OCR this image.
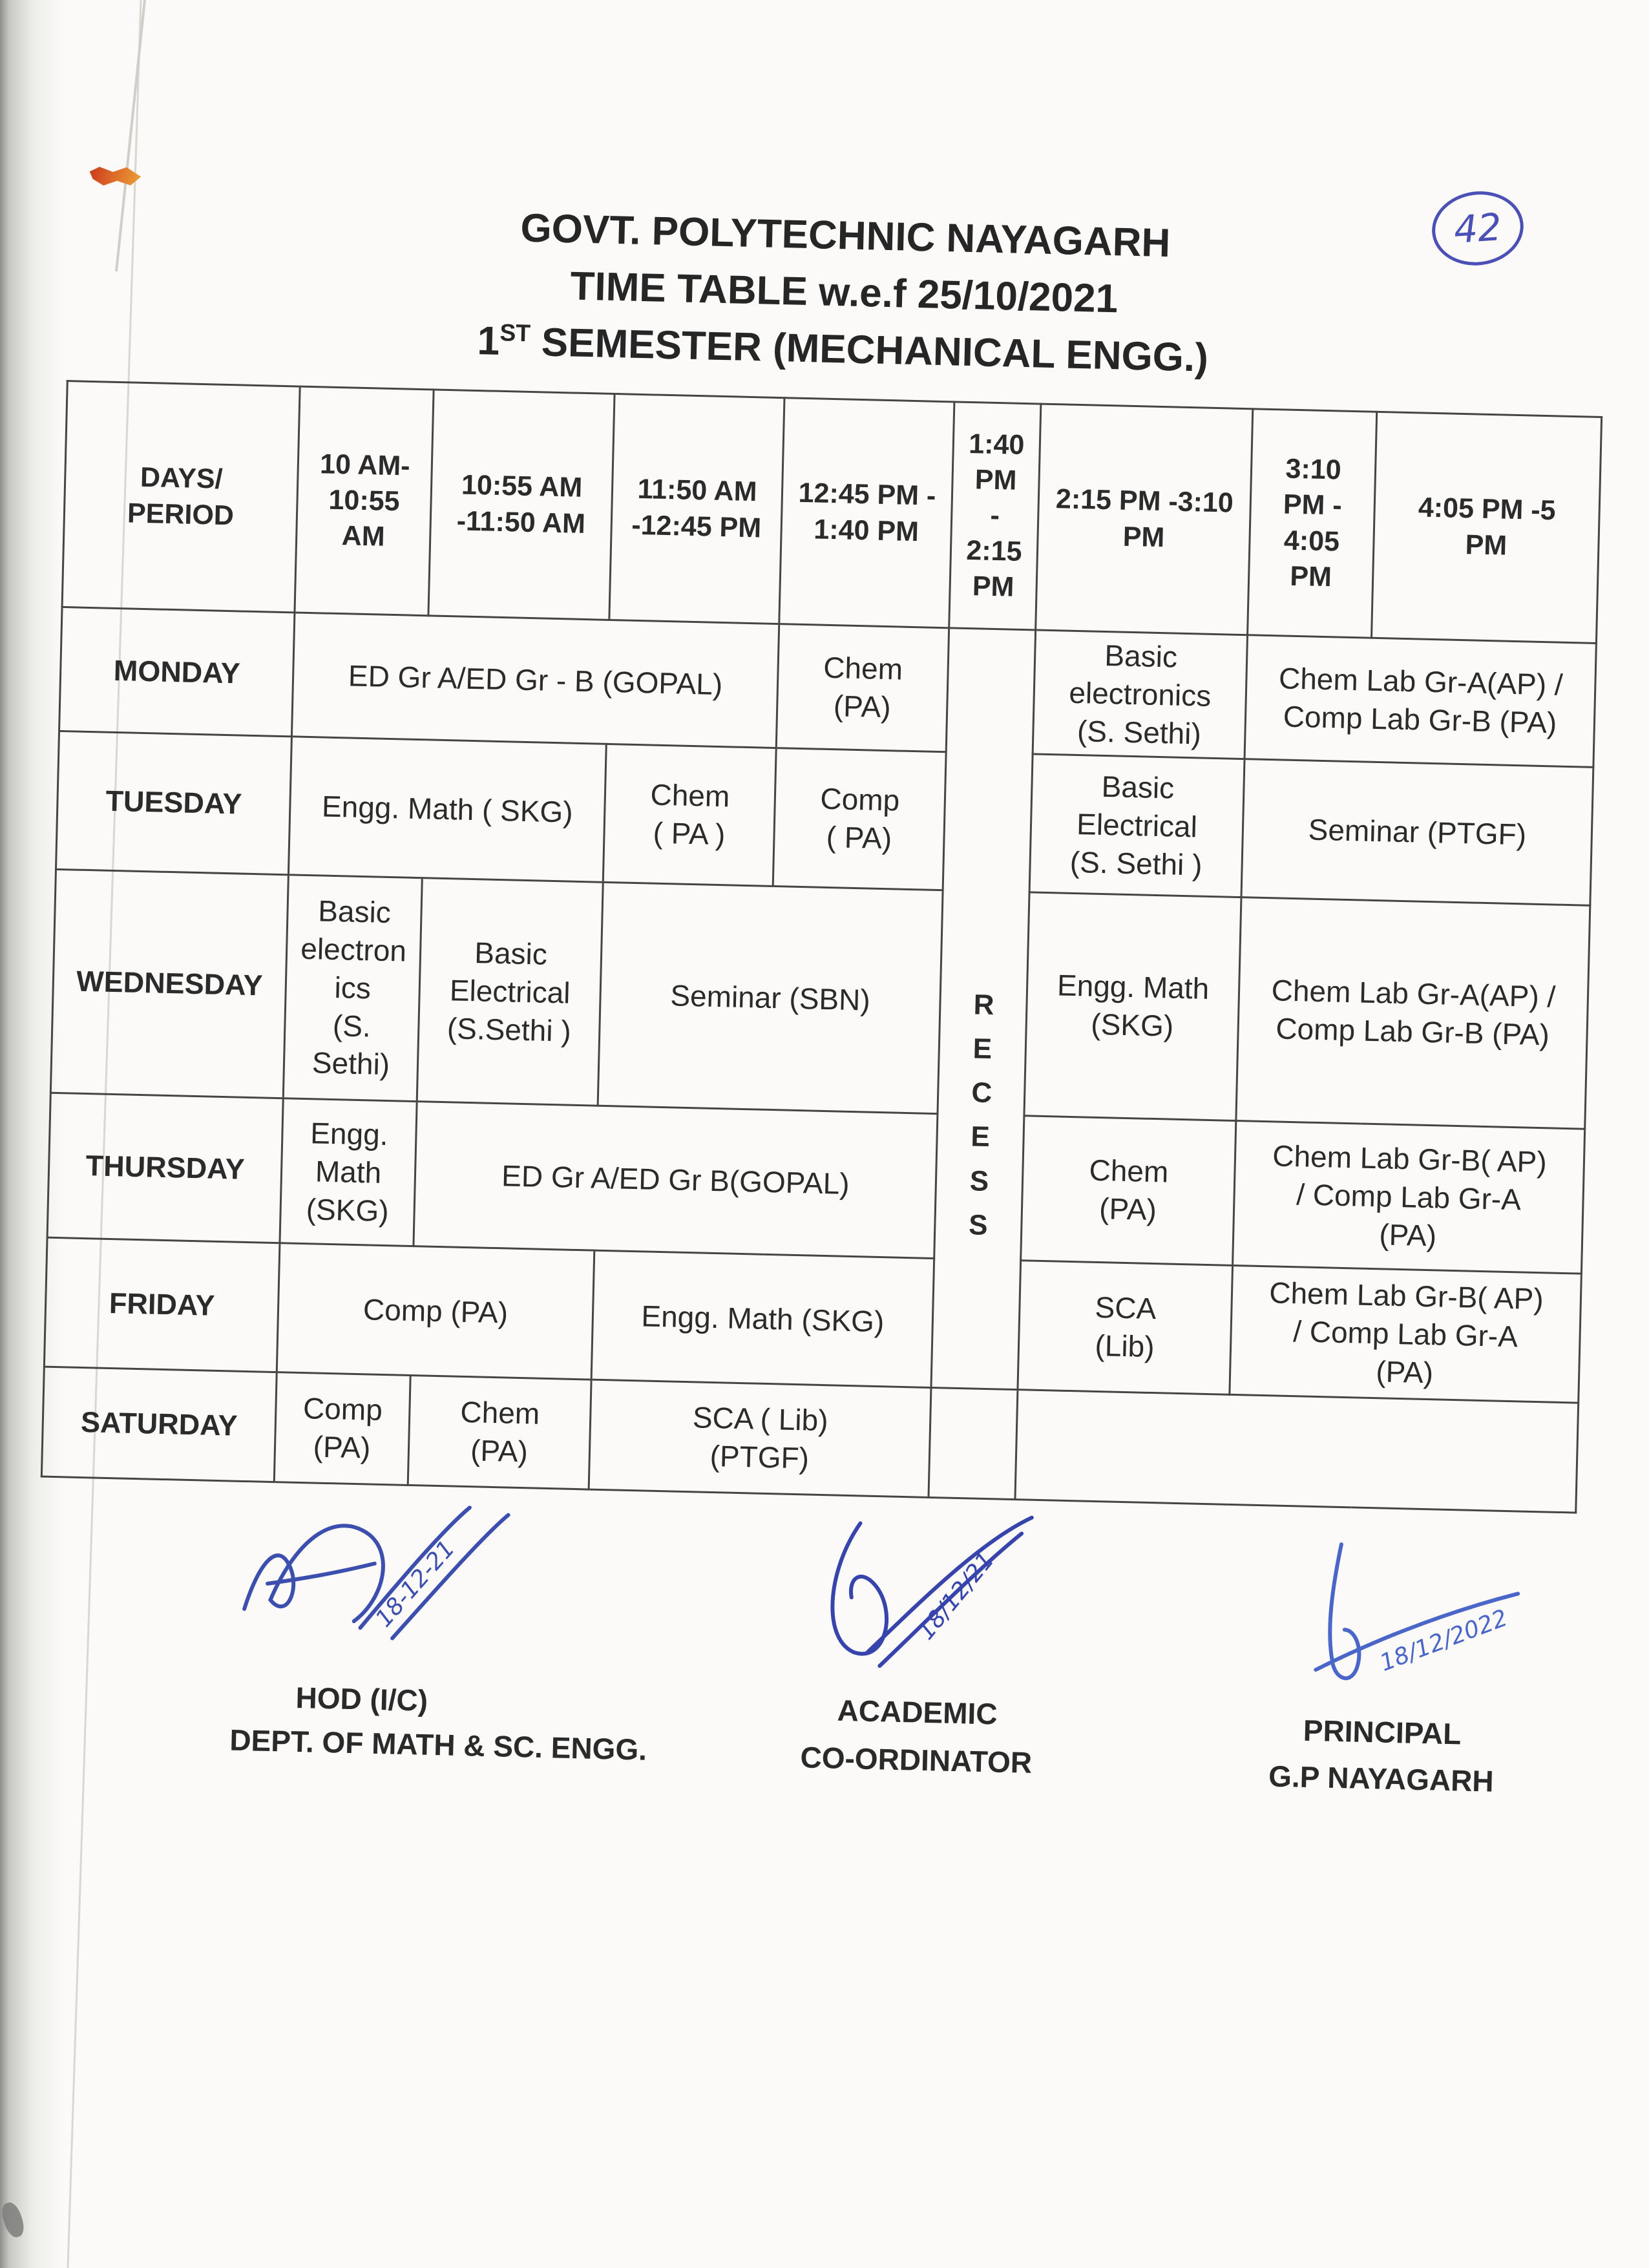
42
GOVT. POLYTECHNIC NAYAGARH
TIME TABLE w.e.f 25/10/2021
1ST SEMESTER (MECHANICAL ENGG.)
DAYS/
PERIOD	10 AM-
10:55
AM	10:55 AM
-11:50 AM	11:50 AM
-12:45 PM	12:45 PM -
1:40 PM	1:40
PM
-
2:15
PM	2:15 PM -3:10
PM	3:10
PM -
4:05
PM	4:05 PM -5
PM
MONDAY	ED Gr A/ED Gr - B (GOPAL)			Chem
(PA)	RECESS	Basic
electronics
(S. Sethi)	Chem Lab Gr-A(AP) /
Comp Lab Gr-B (PA)	
TUESDAY	Engg. Math ( SKG)		Chem
( PA )	Comp
( PA)		Basic
Electrical
(S. Sethi )	Seminar (PTGF)	
WEDNESDAY	Basic
electron
ics
(S.
Sethi)	Basic
Electrical
(S.Sethi )	Seminar (SBN)			Engg. Math
(SKG)	Chem Lab Gr-A(AP) /
Comp Lab Gr-B (PA)	
THURSDAY	Engg.
Math
(SKG)	ED Gr A/ED Gr B(GOPAL)				Chem
(PA)	Chem Lab Gr-B( AP)
/ Comp Lab Gr-A
(PA)	
FRIDAY	Comp (PA)		Engg. Math (SKG)			SCA
(Lib)	Chem Lab Gr-B( AP)
/ Comp Lab Gr-A
(PA)	
SATURDAY	Comp
(PA)	Chem
(PA)	SCA ( Lib)
(PTGF)					
18-12-21
HOD (I/C)
DEPT. OF MATH & SC. ENGG.
18/12/21
ACADEMIC
CO-ORDINATOR
18/12/2022
PRINCIPAL
G.P NAYAGARH
